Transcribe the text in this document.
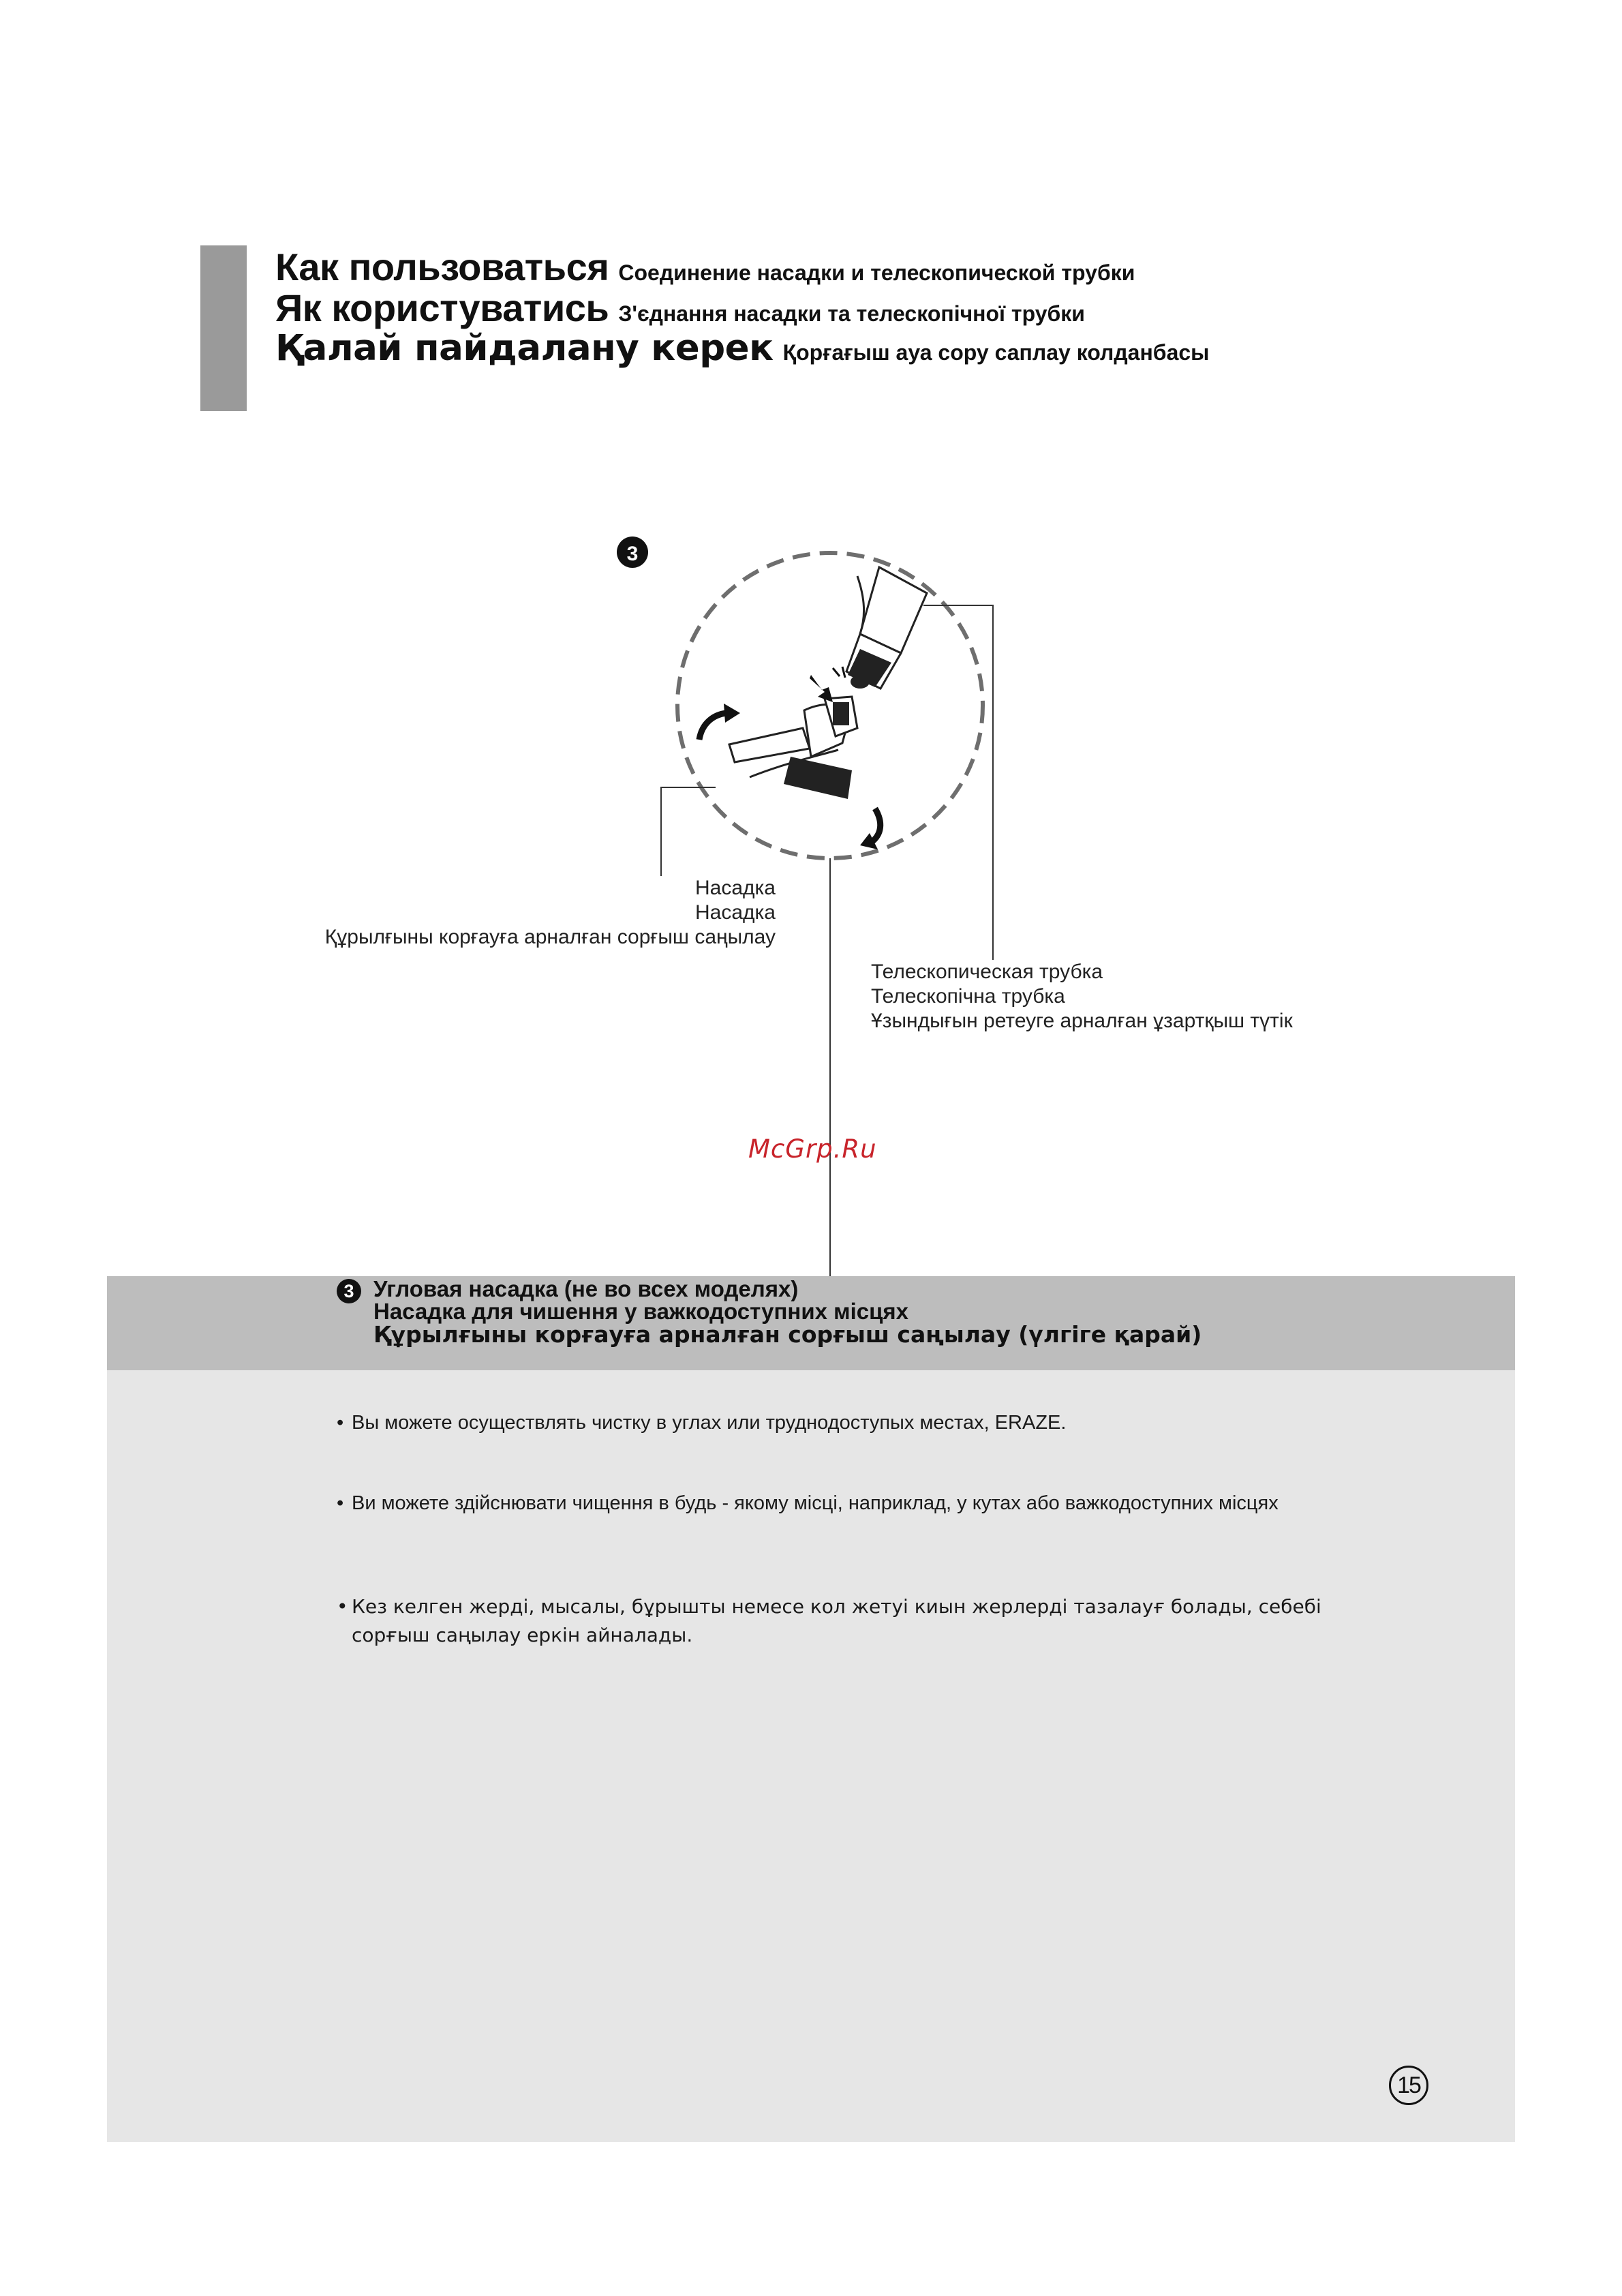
Как пользоваться Соединение насадки и телескопической трубки
Як користуватись З'єднання насадки та телескопічної трубки
Қалай пайдалану керек Қорғағыш ауа сору саплау колданбасы
3
Насадка
Насадка
Құрылғыны корғауға арналған сорғыш саңылау
Телескопическая трубка
Телескопічна трубка
Ұзындығын ретеуге арналған ұзартқыш түтік
McGrp.Ru
3 Угловая насадка (не во всех моделях)
Насадка для чишення у важкодоступних місцях
Құрылғыны корғауға арналған сорғыш саңылау (үлгіге қарай)
• Вы можете осуществлять чистку в углах или труднодоступых местах, ERAZE.
• Ви можете здійснювати чищення в будь - якому місці, наприклад, у кутах або важкодоступних місцях
• Кез келген жерді, мысалы, бұрышты немесе кол жетуі киын жерлерді тазалауғ болады, себебі сорғыш саңылау еркін айналады.
15
